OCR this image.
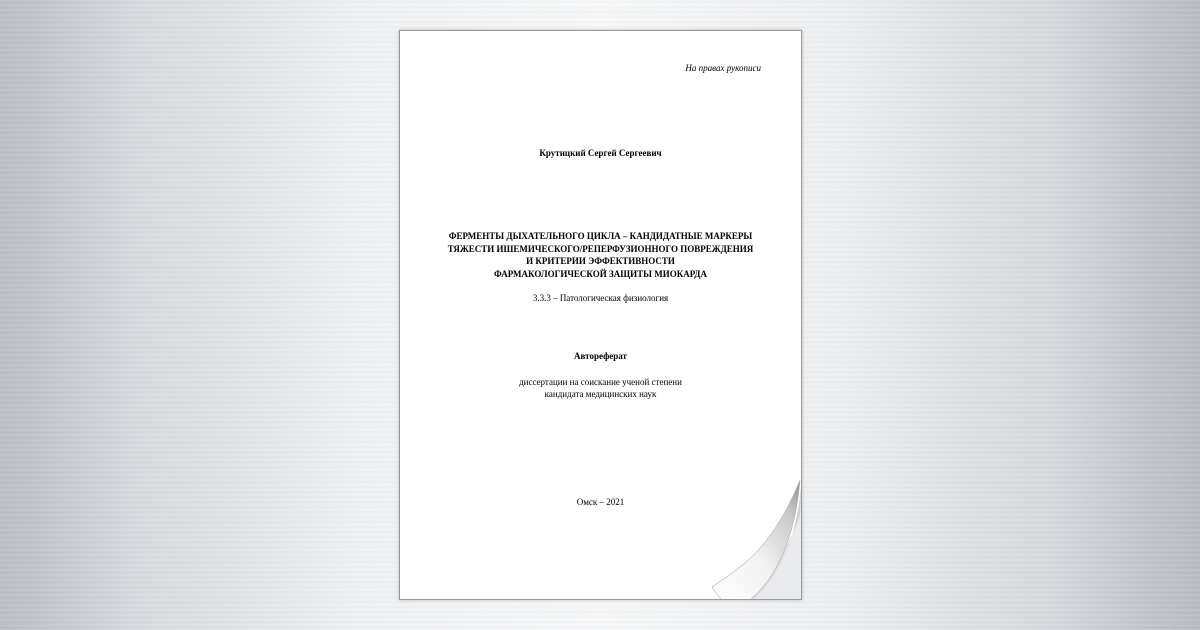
На правах рукописи
Крутицкий Сергей Сергеевич
ФЕРМЕНТЫ ДЫХАТЕЛЬНОГО ЦИКЛА – КАНДИДАТНЫЕ МАРКЕРЫ
ТЯЖЕСТИ ИШЕМИЧЕСКОГО/РЕПЕРФУЗИОННОГО ПОВРЕЖДЕНИЯ
И КРИТЕРИИ ЭФФЕКТИВНОСТИ
ФАРМАКОЛОГИЧЕСКОЙ ЗАЩИТЫ МИОКАРДА
3.3.3 – Патологическая физиология
Автореферат
диссертации на соискание ученой степени
кандидата медицинских наук
Омск – 2021
